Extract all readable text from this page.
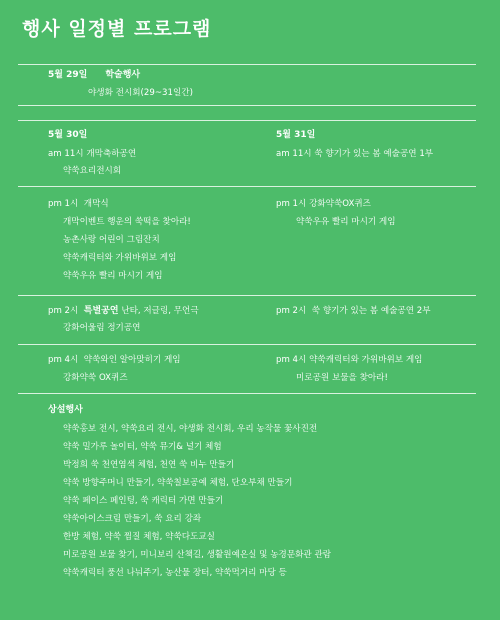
행사 일정별 프로그램
5월 29일 학술행사
야생화 전시회(29~31일간)
5월 30일
am 11시 개막축하공연
약쑥요리전시회
pm 1시 개막식
개막이벤트 행운의 쑥떡을 찾아라!
농촌사랑 어린이 그림잔치
약쑥캐릭터와 가위바위보 게임
약쑥우유 빨리 마시기 게임
pm 2시 특별공연 난타, 저글링, 무언극
강화어울림 정기공연
pm 4시 약쑥와인 알아맞히기 게임
강화약쑥 OX퀴즈
5월 31일
am 11시 쑥 향기가 있는 봄 예술공연 1부
pm 1시 강화약쑥OX퀴즈
약쑥우유 빨리 마시기 게임
pm 2시 쑥 향기가 있는 봄 예술공연 2부
pm 4시 약쑥캐릭터와 가위바위보 게임
미로공원 보물을 찾아라!
상설행사
약쑥홍보 전시, 약쑥요리 전시, 야생화 전시회, 우리 농작물 꽃사진전
약쑥 밀가루 놀이터, 약쑥 뮤기& 널기 체험
박정희 쑥 천연염색 체험, 천연 쑥 비누 만들기
약쑥 방향주머니 만들기, 약쑥칠보공예 체험, 단오부채 만들기
약쑥 페이스 페인팅, 쑥 캐릭터 가면 만들기
약쑥아이스크림 만들기, 쑥 요리 강좌
한방 체험, 약쑥 찜질 체험, 약쑥다도교실
미로공원 보물 찾기, 미니보리 산책길, 생활원예온실 및 농경문화관 관람
약쑥캐릭터 풍선 나눠주기, 농산물 장터, 약쑥먹거리 마당 등
